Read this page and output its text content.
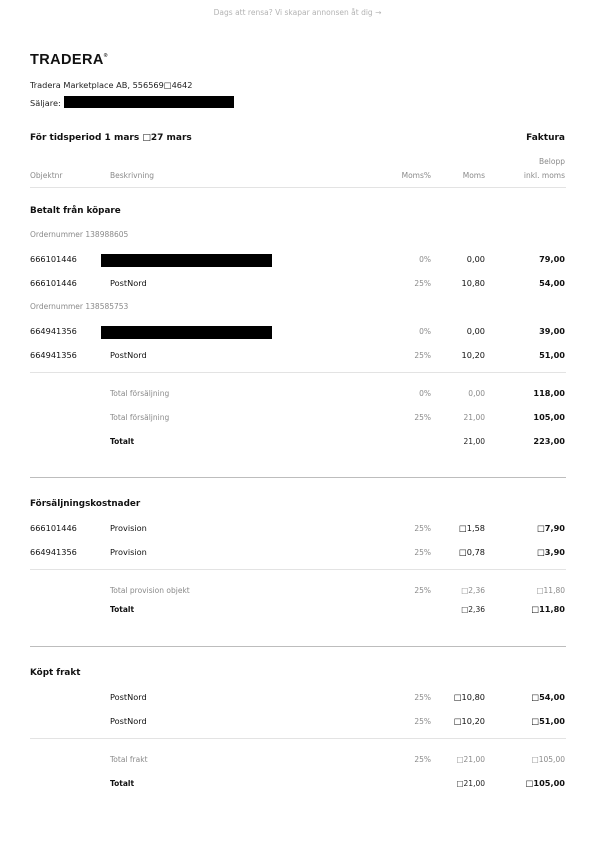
Dags att rensa? Vi skapar annonsen åt dig →
TRADERA®
Tradera Marketplace AB, 556569□4642
Säljare:
För tidsperiod 1 mars □27 mars	Faktura
Objektnr	Beskrivning	Moms%	Moms
Belopp
inkl. moms
Betalt från köpare
Ordernummer 138988605
666101446	0%	0,00	79,00
666101446	PostNord	25%	10,80	54,00
Ordernummer 138585753
664941356	0%	0,00	39,00
664941356	PostNord	25%	10,20	51,00
Total försäljning	0%	0,00	118,00
Total försäljning	25%	21,00	105,00
Totalt	21,00	223,00
Försäljningskostnader
666101446	Provision	25%	□1,58	□7,90
664941356	Provision	25%	□0,78	□3,90
Total provision objekt	25%	□2,36	□11,80
Totalt	□2,36	□11,80
Köpt frakt
PostNord	25%	□10,80	□54,00
PostNord	25%	□10,20	□51,00
Total frakt	25%	□21,00	□105,00
Totalt	□21,00	□105,00
